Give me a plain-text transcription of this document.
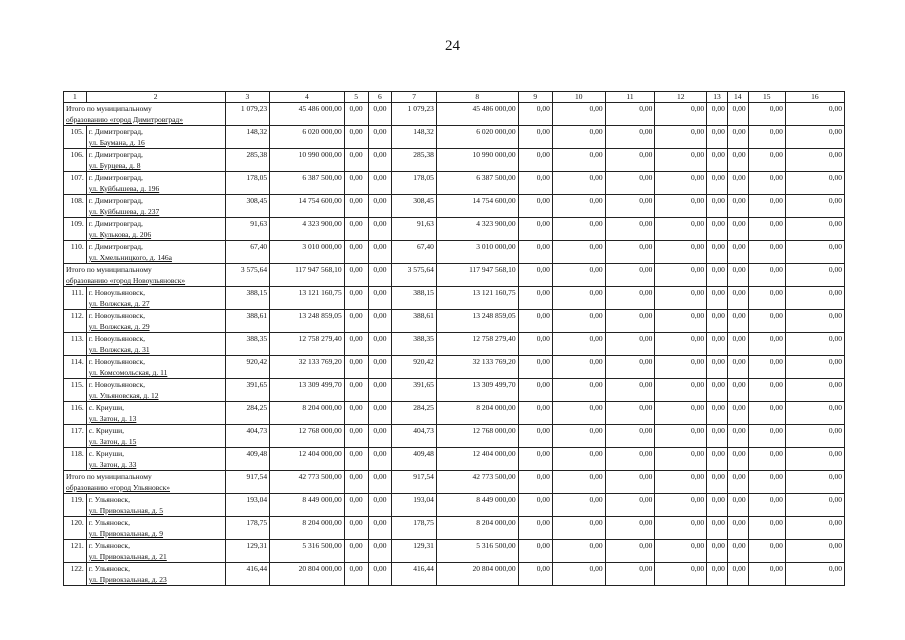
24
1	2	3	4	5	6	7	8	9	10	11	12	13	14	15	16

Итого по муниципальному
образованию «город Димитровград»		1 079,23	45 486 000,00	0,00	0,00	1 079,23	45 486 000,00	0,00	0,00	0,00	0,00	0,00	0,00	0,00	0,00
105.	г. Димитровград,
ул. Баумана, д. 16	148,32	6 020 000,00	0,00	0,00	148,32	6 020 000,00	0,00	0,00	0,00	0,00	0,00	0,00	0,00	0,00
106.	г. Димитровград,
ул. Бурцева, д. 8	285,38	10 990 000,00	0,00	0,00	285,38	10 990 000,00	0,00	0,00	0,00	0,00	0,00	0,00	0,00	0,00
107.	г. Димитровград,
ул. Куйбышева, д. 196	178,05	6 387 500,00	0,00	0,00	178,05	6 387 500,00	0,00	0,00	0,00	0,00	0,00	0,00	0,00	0,00
108.	г. Димитровград,
ул. Куйбышева, д. 237	308,45	14 754 600,00	0,00	0,00	308,45	14 754 600,00	0,00	0,00	0,00	0,00	0,00	0,00	0,00	0,00
109.	г. Димитровград,
ул. Кулькова, д. 206	91,63	4 323 900,00	0,00	0,00	91,63	4 323 900,00	0,00	0,00	0,00	0,00	0,00	0,00	0,00	0,00
110.	г. Димитровград,
ул. Хмельницкого, д. 146а	67,40	3 010 000,00	0,00	0,00	67,40	3 010 000,00	0,00	0,00	0,00	0,00	0,00	0,00	0,00	0,00

Итого по муниципальному
образованию «город Новоульяновск»		3 575,64	117 947 568,10	0,00	0,00	3 575,64	117 947 568,10	0,00	0,00	0,00	0,00	0,00	0,00	0,00	0,00
111.	г. Новоульяновск,
ул. Волжская, д. 27	388,15	13 121 160,75	0,00	0,00	388,15	13 121 160,75	0,00	0,00	0,00	0,00	0,00	0,00	0,00	0,00
112.	г. Новоульяновск,
ул. Волжская, д. 29	388,61	13 248 859,05	0,00	0,00	388,61	13 248 859,05	0,00	0,00	0,00	0,00	0,00	0,00	0,00	0,00
113.	г. Новоульяновск,
ул. Волжская, д. 31	388,35	12 758 279,40	0,00	0,00	388,35	12 758 279,40	0,00	0,00	0,00	0,00	0,00	0,00	0,00	0,00
114.	г. Новоульяновск,
ул. Комсомольская, д. 11	920,42	32 133 769,20	0,00	0,00	920,42	32 133 769,20	0,00	0,00	0,00	0,00	0,00	0,00	0,00	0,00
115.	г. Новоульяновск,
ул. Ульяновская, д. 12	391,65	13 309 499,70	0,00	0,00	391,65	13 309 499,70	0,00	0,00	0,00	0,00	0,00	0,00	0,00	0,00
116.	с. Криуши,
ул. Затон, д. 13	284,25	8 204 000,00	0,00	0,00	284,25	8 204 000,00	0,00	0,00	0,00	0,00	0,00	0,00	0,00	0,00
117.	с. Криуши,
ул. Затон, д. 15	404,73	12 768 000,00	0,00	0,00	404,73	12 768 000,00	0,00	0,00	0,00	0,00	0,00	0,00	0,00	0,00
118.	с. Криуши,
ул. Затон, д. 33	409,48	12 404 000,00	0,00	0,00	409,48	12 404 000,00	0,00	0,00	0,00	0,00	0,00	0,00	0,00	0,00

Итого по муниципальному
образованию «город Ульяновск»		917,54	42 773 500,00	0,00	0,00	917,54	42 773 500,00	0,00	0,00	0,00	0,00	0,00	0,00	0,00	0,00
119.	г. Ульяновск,
ул. Привокзальная, д. 5	193,04	8 449 000,00	0,00	0,00	193,04	8 449 000,00	0,00	0,00	0,00	0,00	0,00	0,00	0,00	0,00
120.	г. Ульяновск,
ул. Привокзальная, д. 9	178,75	8 204 000,00	0,00	0,00	178,75	8 204 000,00	0,00	0,00	0,00	0,00	0,00	0,00	0,00	0,00
121.	г. Ульяновск,
ул. Привокзальная, д. 21	129,31	5 316 500,00	0,00	0,00	129,31	5 316 500,00	0,00	0,00	0,00	0,00	0,00	0,00	0,00	0,00
122.	г. Ульяновск,
ул. Привокзальная, д. 23	416,44	20 804 000,00	0,00	0,00	416,44	20 804 000,00	0,00	0,00	0,00	0,00	0,00	0,00	0,00	0,00
